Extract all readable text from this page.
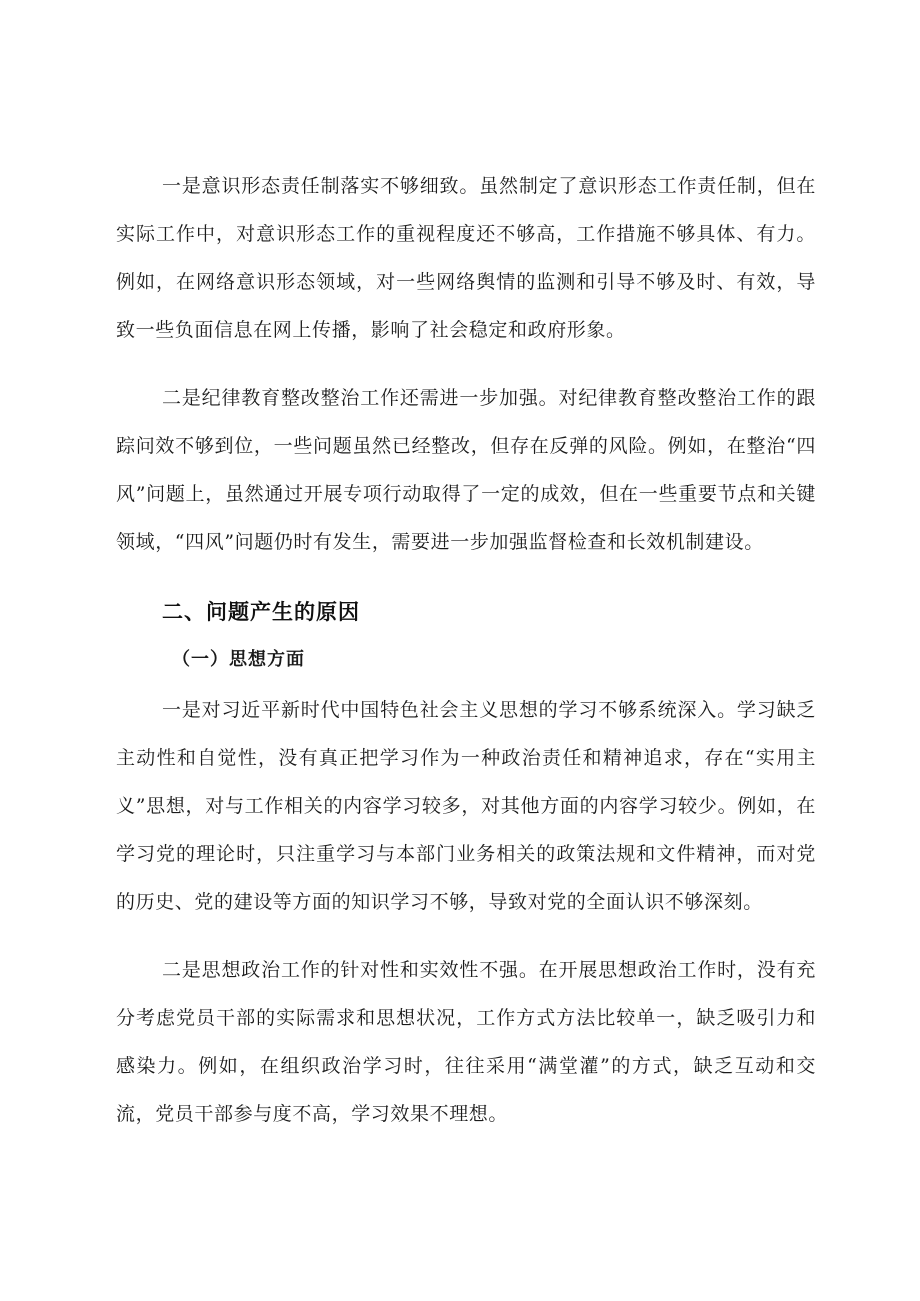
一是意识形态责任制落实不够细致。虽然制定了意识形态工作责任制，但在实际工作中，对意识形态工作的重视程度还不够高，工作措施不够具体、有力。例如，在网络意识形态领域，对一些网络舆情的监测和引导不够及时、有效，导致一些负面信息在网上传播，影响了社会稳定和政府形象。

二是纪律教育整改整治工作还需进一步加强。对纪律教育整改整治工作的跟踪问效不够到位，一些问题虽然已经整改，但存在反弹的风险。例如，在整治“四风”问题上，虽然通过开展专项行动取得了一定的成效，但在一些重要节点和关键领域，“四风”问题仍时有发生，需要进一步加强监督检查和长效机制建设。

二、问题产生的原因
（一）思想方面

一是对习近平新时代中国特色社会主义思想的学习不够系统深入。学习缺乏主动性和自觉性，没有真正把学习作为一种政治责任和精神追求，存在“实用主义”思想，对与工作相关的内容学习较多，对其他方面的内容学习较少。例如，在学习党的理论时，只注重学习与本部门业务相关的政策法规和文件精神，而对党的历史、党的建设等方面的知识学习不够，导致对党的全面认识不够深刻。

二是思想政治工作的针对性和实效性不强。在开展思想政治工作时，没有充分考虑党员干部的实际需求和思想状况，工作方式方法比较单一，缺乏吸引力和感染力。例如，在组织政治学习时，往往采用“满堂灌”的方式，缺乏互动和交流，党员干部参与度不高，学习效果不理想。
